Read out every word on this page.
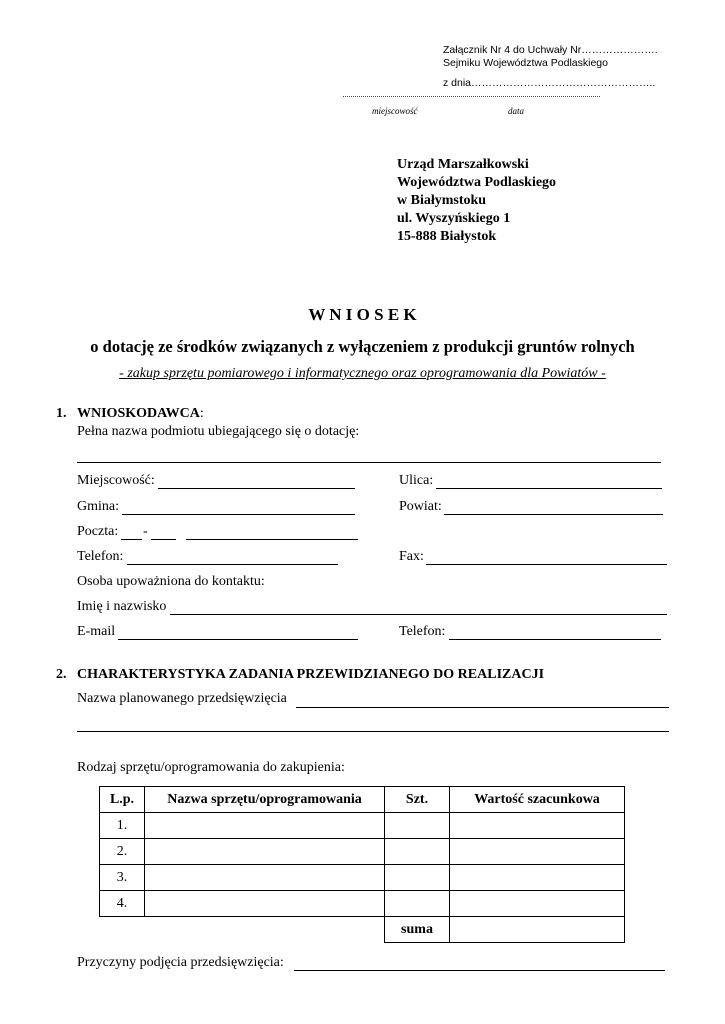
Załącznik Nr 4 do Uchwały Nr………………….
Sejmiku Województwa Podlaskiego
z dnia……………………………………………..
miejscowość	data
Urząd Marszałkowski
Województwa Podlaskiego
w Białymstoku
ul. Wyszyńskiego 1
15-888 Białystok
W N I O S E K
o dotację ze środków związanych z wyłączeniem z produkcji gruntów rolnych
- zakup sprzętu pomiarowego i informatycznego oraz oprogramowania dla Powiatów -
1. WNIOSKODAWCA:
Pełna nazwa podmiotu ubiegającego się o dotację:
Miejscowość:	Ulica:
Gmina:	Powiat:
Poczta: -
Telefon:	Fax:
Osoba upoważniona do kontaktu:
Imię i nazwisko
E-mail	Telefon:
2. CHARAKTERYSTYKA ZADANIA PRZEWIDZIANEGO DO REALIZACJI
Nazwa planowanego przedsięwzięcia
Rodzaj sprzętu/oprogramowania do zakupienia:
L.p.	Nazwa sprzętu/oprogramowania	Szt.	Wartość szacunkowa
1.			
2.			
3.			
4.			
		suma	
Przyczyny podjęcia przedsięwzięcia:
